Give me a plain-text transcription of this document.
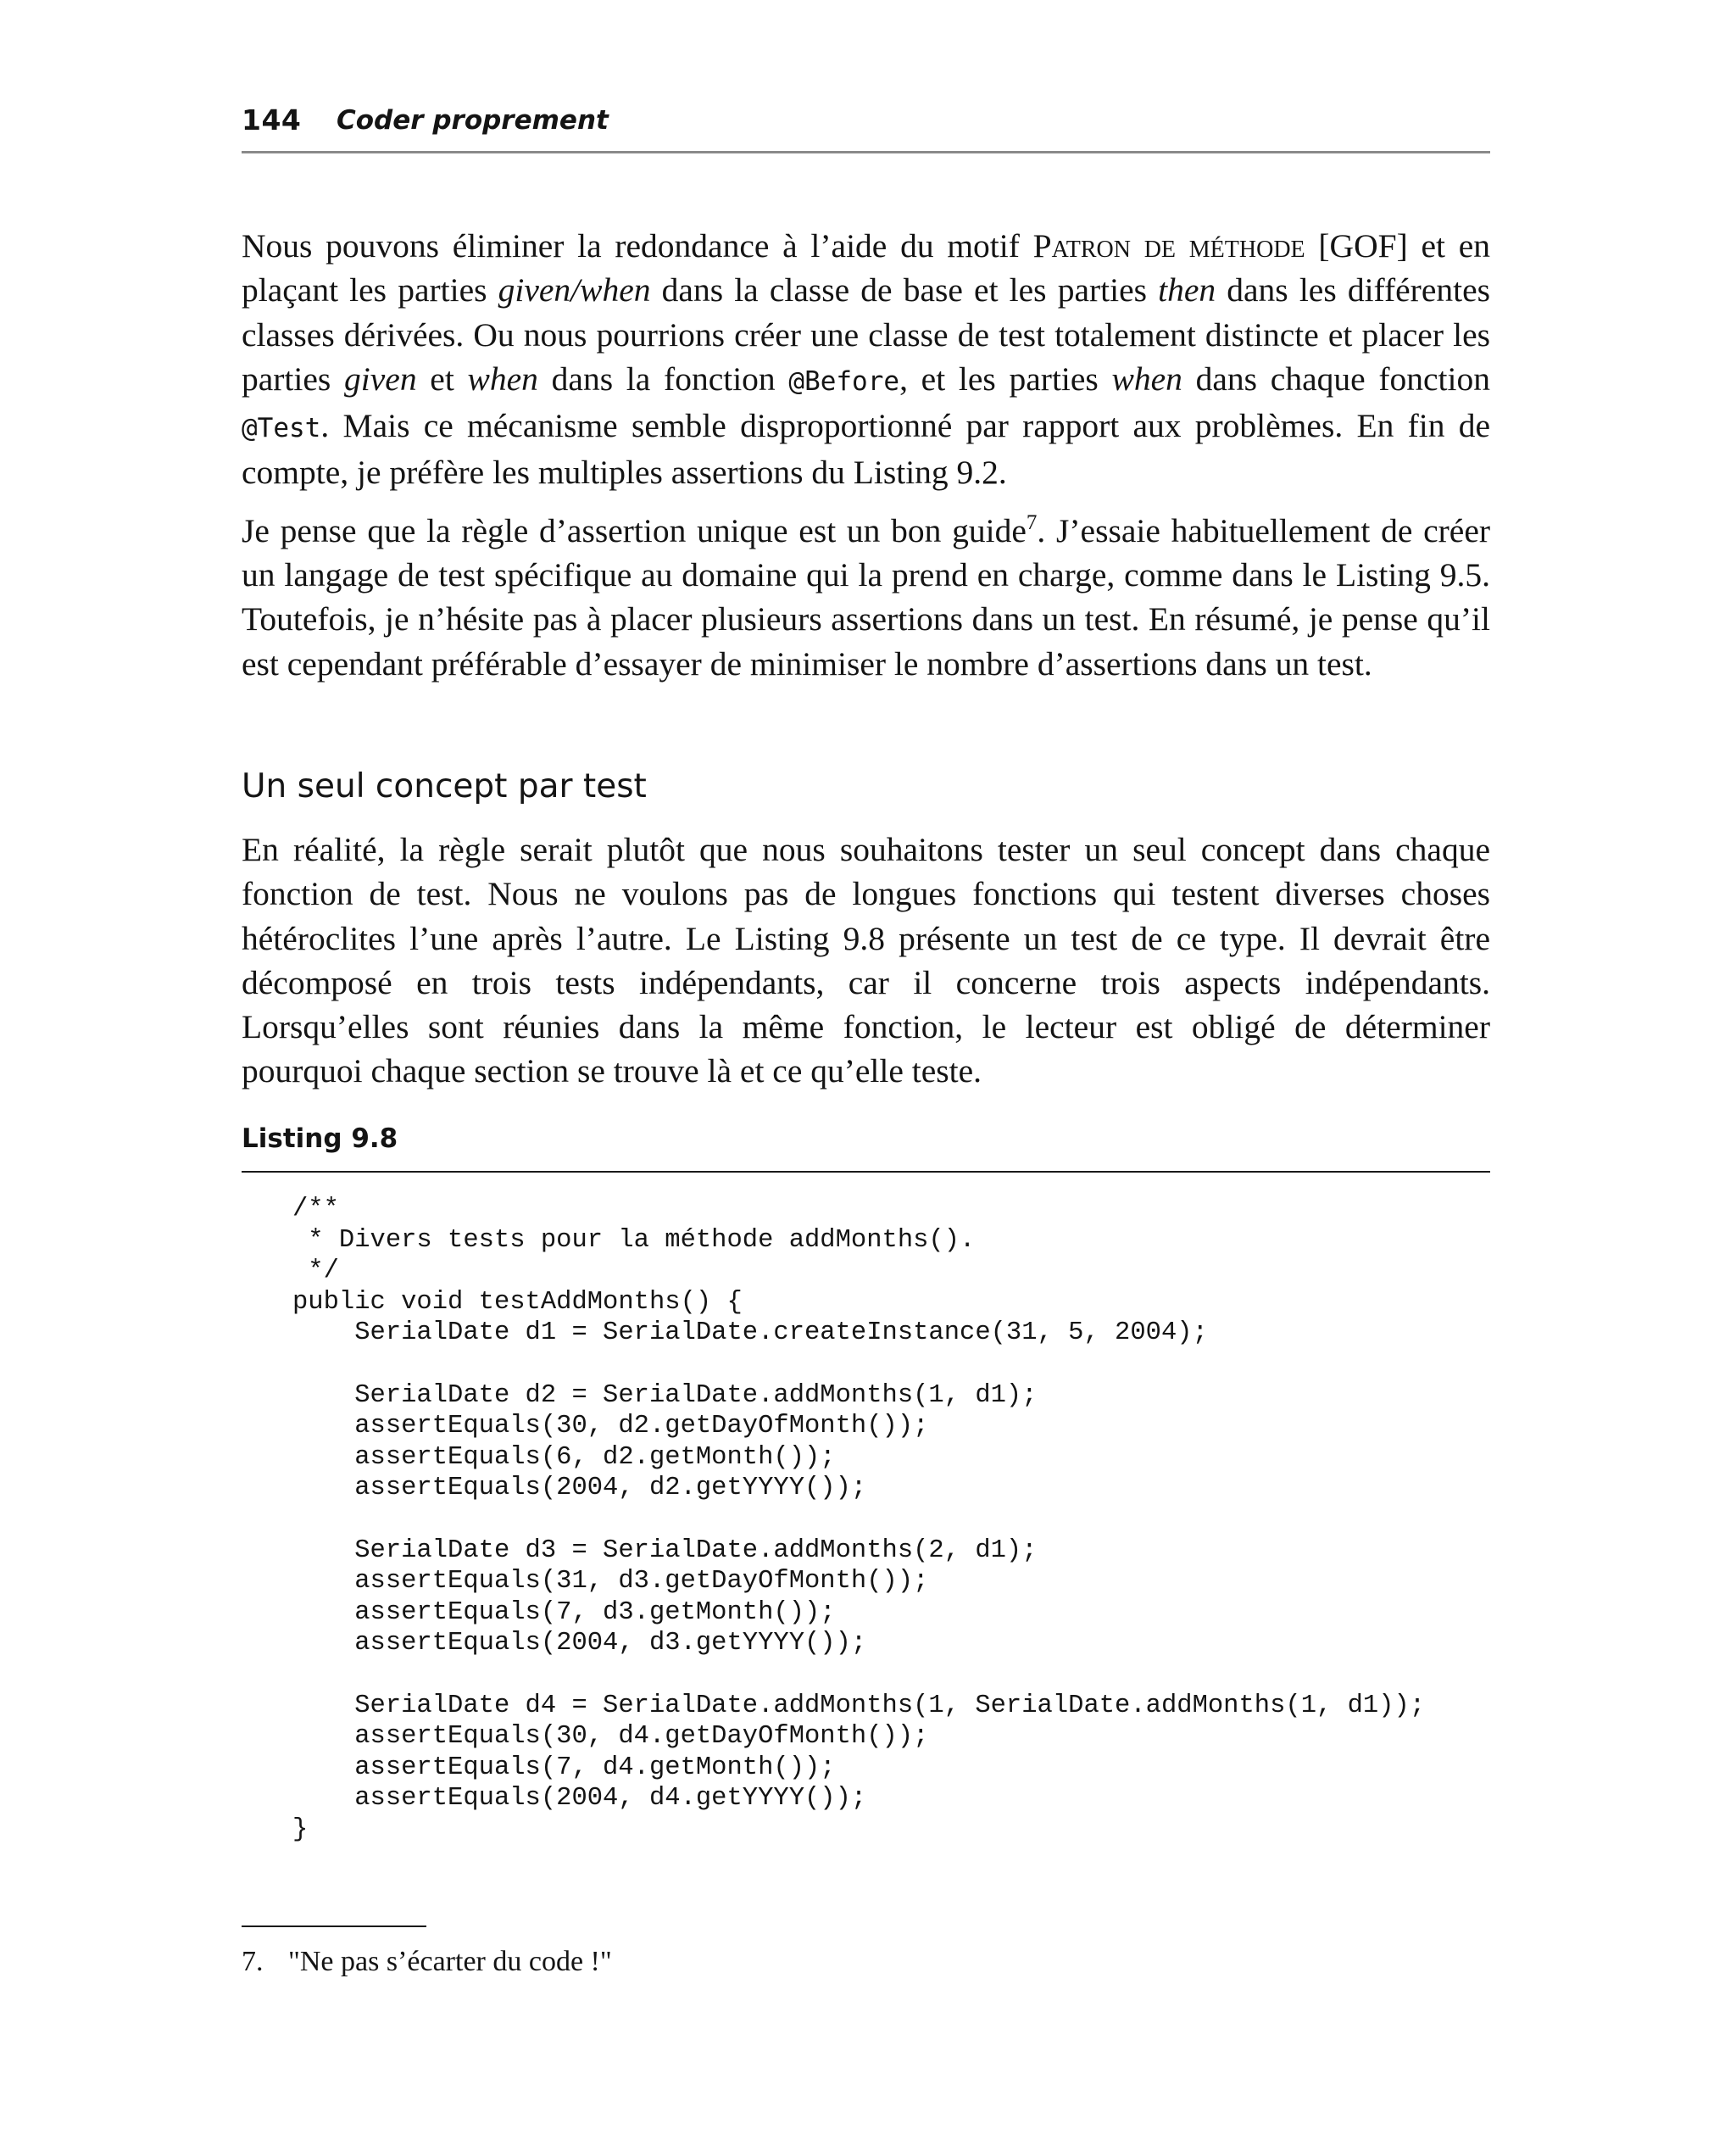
144 Coder proprement

Nous pouvons éliminer la redondance à l’aide du motif Patron de méthode [GOF] et en plaçant les parties given/when dans la classe de base et les parties then dans les différentes classes dérivées. Ou nous pourrions créer une classe de test totalement distincte et placer les parties given et when dans la fonction @Before, et les parties when dans chaque fonction @Test. Mais ce mécanisme semble disproportionné par rapport aux problèmes. En fin de compte, je préfère les multiples assertions du Listing 9.2.

Je pense que la règle d’assertion unique est un bon guide$^7$. J’essaie habituellement de créer un langage de test spécifique au domaine qui la prend en charge, comme dans le Listing 9.5. Toutefois, je n’hésite pas à placer plusieurs assertions dans un test. En résumé, je pense qu’il est cependant préférable d’essayer de minimiser le nombre d’assertions dans un test.

Un seul concept par test

En réalité, la règle serait plutôt que nous souhaitons tester un seul concept dans chaque fonction de test. Nous ne voulons pas de longues fonctions qui testent diverses choses hétéroclites l’une après l’autre. Le Listing 9.8 présente un test de ce type. Il devrait être décomposé en trois tests indépendants, car il concerne trois aspects indépendants. Lorsqu’elles sont réunies dans la même fonction, le lecteur est obligé de déterminer pourquoi chaque section se trouve là et ce qu’elle teste.

Listing 9.8
/**
* Divers tests pour la méthode addMonths().
*/
public void testAddMonths() {
SerialDate d1 = SerialDate.createInstance(31, 5, 2004);
SerialDate d2 = SerialDate.addMonths(1, d1);
assertEquals(30, d2.getDayOfMonth());
assertEquals(6, d2.getMonth());
assertEquals(2004, d2.getYYYY());
SerialDate d3 = SerialDate.addMonths(2, d1);
assertEquals(31, d3.getDayOfMonth());
assertEquals(7, d3.getMonth());
assertEquals(2004, d3.getYYYY());
SerialDate d4 = SerialDate.addMonths(1, SerialDate.addMonths(1, d1));
assertEquals(30, d4.getDayOfMonth());
assertEquals(7, d4.getMonth());
assertEquals(2004, d4.getYYYY());
}
7. "Ne pas s’écarter du code !"
